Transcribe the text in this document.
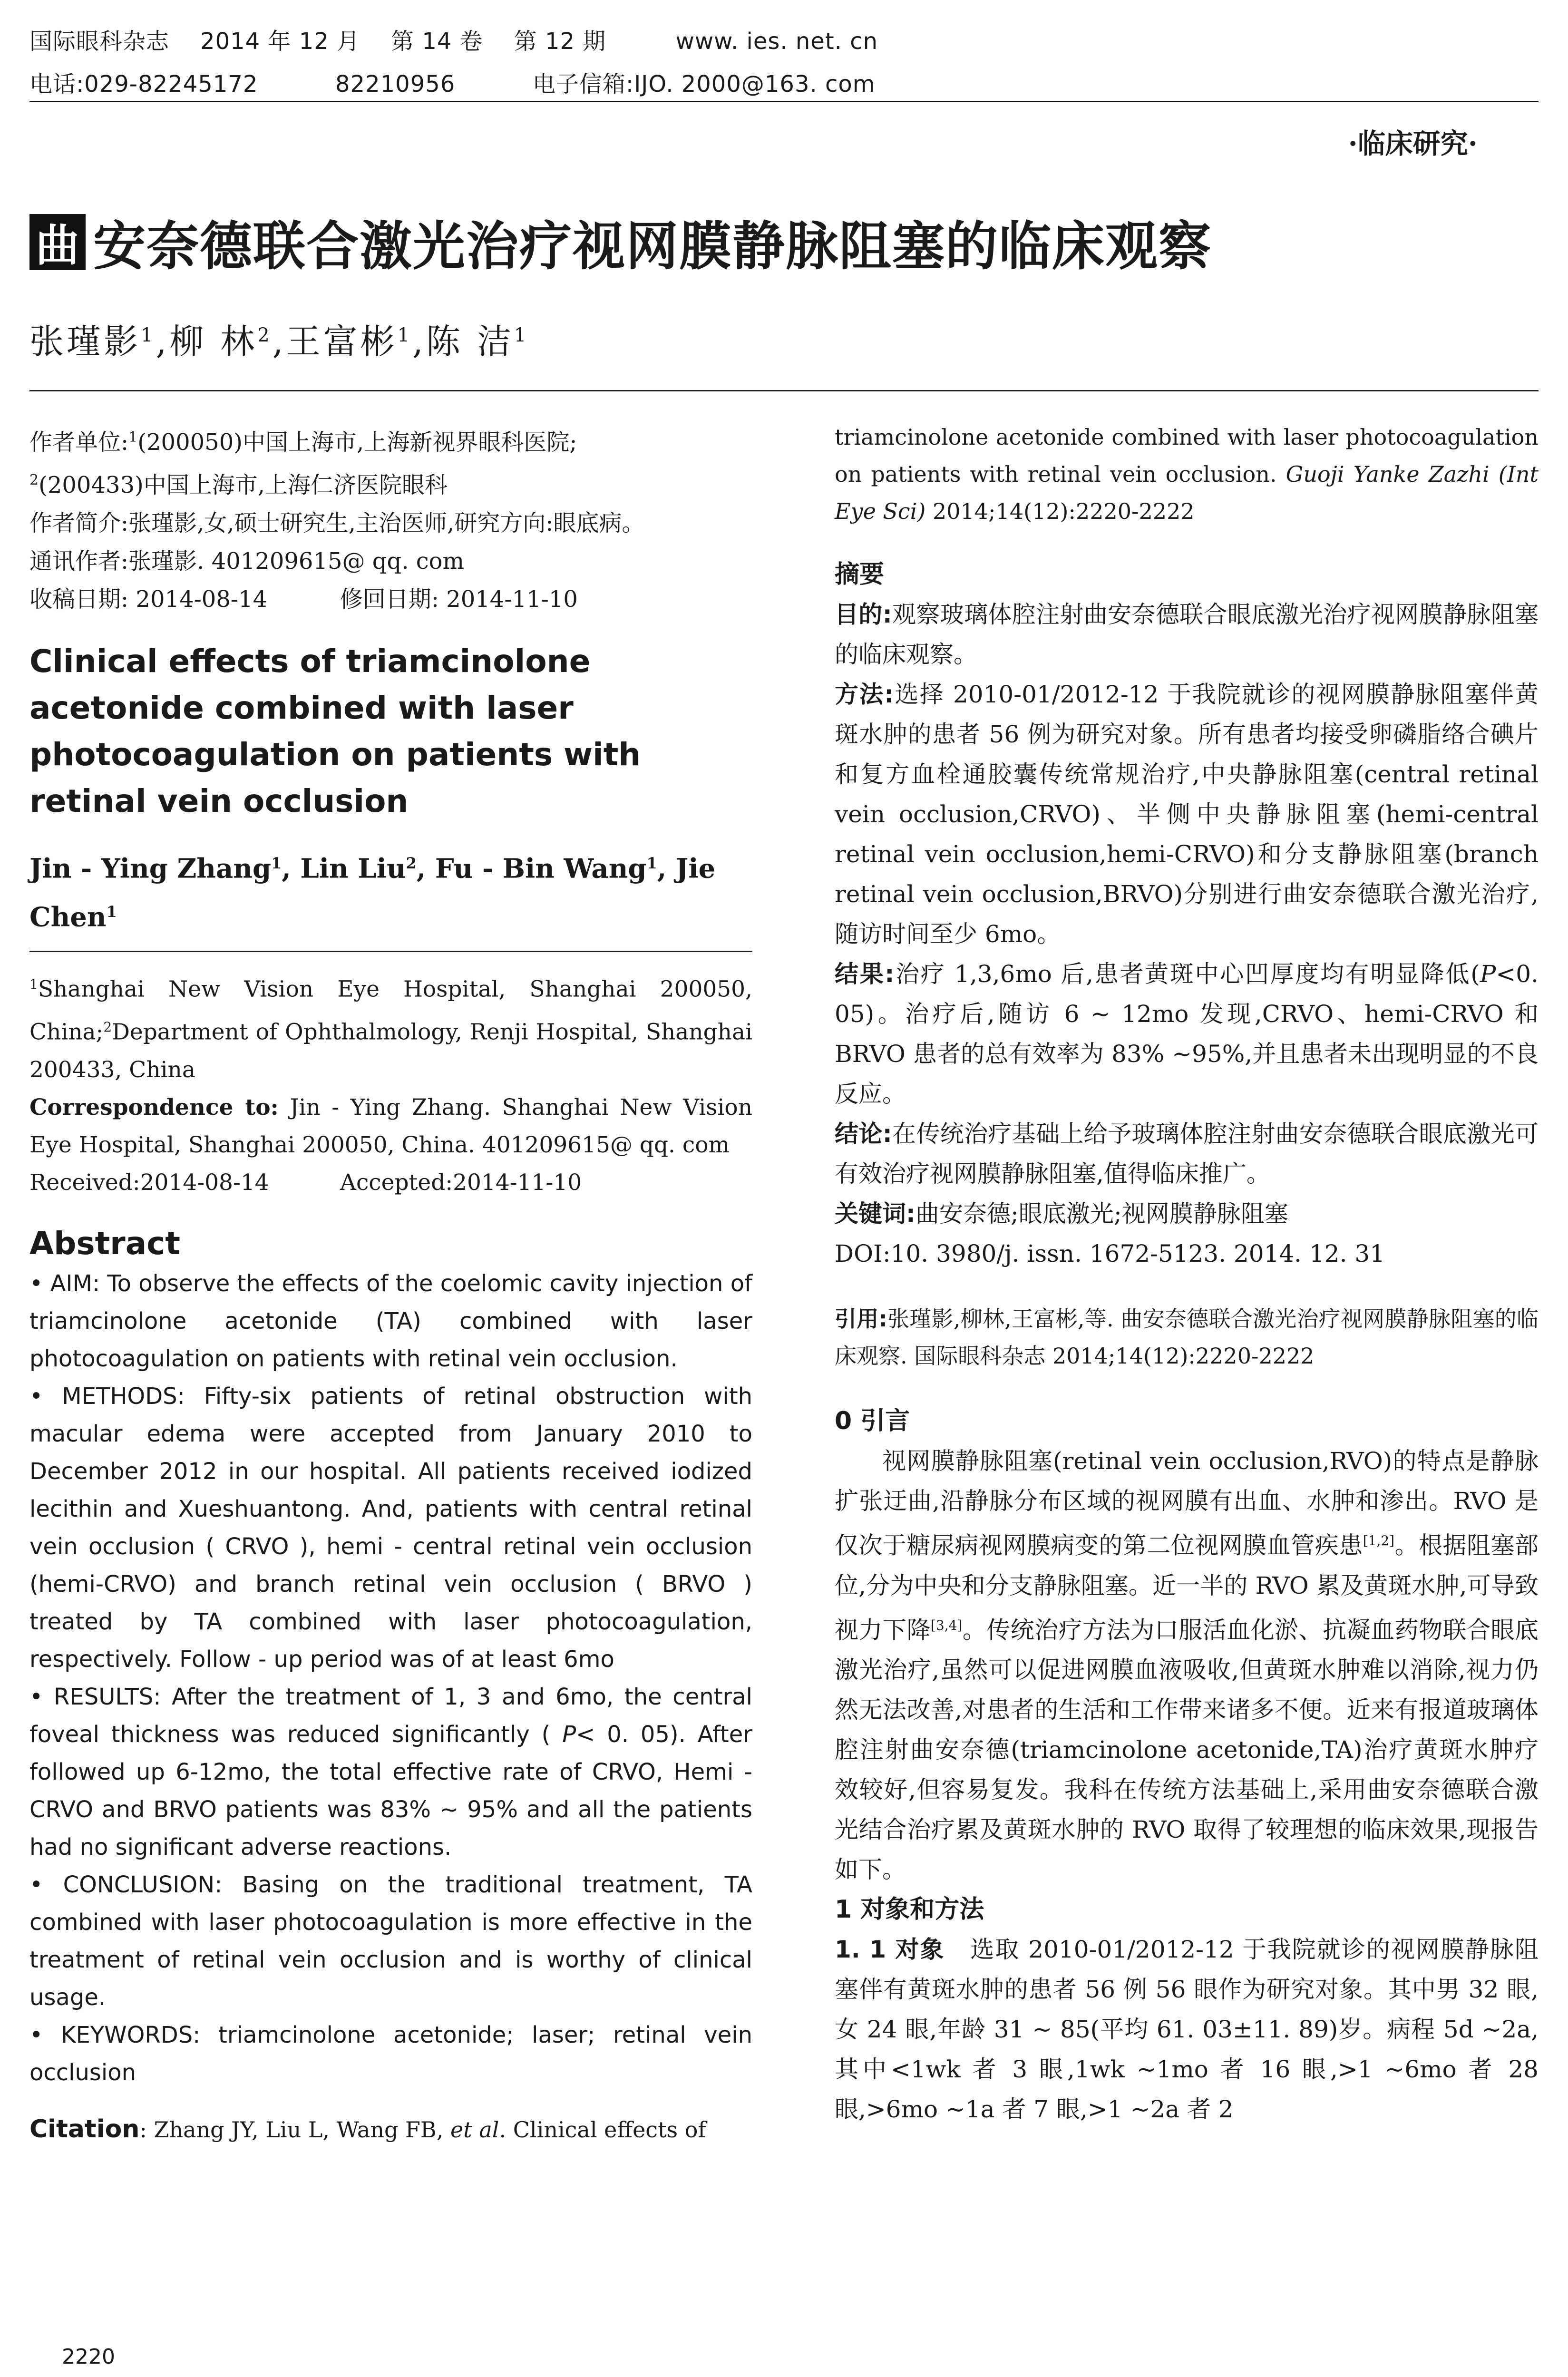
国际眼科杂志    2014 年 12 月    第 14 卷    第 12 期         www. ies. net. cn
电话:029-82245172          82210956          电子信箱:IJO. 2000@163. com
·临床研究·
曲 安奈德联合激光治疗视网膜静脉阻塞的临床观察
张瑾影$^1$,柳 林$^2$,王富彬$^1$,陈 洁$^1$

作者单位:$^1$(200050)中国上海市,上海新视界眼科医院;

$^2$(200433)中国上海市,上海仁济医院眼科

作者简介:张瑾影,女,硕士研究生,主治医师,研究方向:眼底病。

通讯作者:张瑾影. 401209615@ qq. com

收稿日期: 2014-08-14          修回日期: 2014-11-10

Clinical effects of triamcinolone acetonide combined with laser photocoagulation on patients with retinal vein occlusion
Jin - Ying Zhang$^1$, Lin Liu$^2$, Fu - Bin Wang$^1$, Jie Chen$^1$

$^1$Shanghai New Vision Eye Hospital, Shanghai 200050, China;$^2$Department of Ophthalmology, Renji Hospital, Shanghai 200433, China

Correspondence to: Jin - Ying Zhang. Shanghai New Vision Eye Hospital, Shanghai 200050, China. 401209615@ qq. com

Received:2014-08-14          Accepted:2014-11-10

Abstract

• AIM: To observe the effects of the coelomic cavity injection of triamcinolone acetonide (TA) combined with laser photocoagulation on patients with retinal vein occlusion.

• METHODS: Fifty-six patients of retinal obstruction with macular edema were accepted from January 2010 to December 2012 in our hospital. All patients received iodized lecithin and Xueshuantong. And, patients with central retinal vein occlusion ( CRVO ), hemi - central retinal vein occlusion (hemi-CRVO) and branch retinal vein occlusion ( BRVO ) treated by TA combined with laser photocoagulation, respectively. Follow - up period was of at least 6mo

• RESULTS: After the treatment of 1, 3 and 6mo, the central foveal thickness was reduced significantly ( P< 0. 05). After followed up 6-12mo, the total effective rate of CRVO, Hemi - CRVO and BRVO patients was 83% ~ 95% and all the patients had no significant adverse reactions.

• CONCLUSION: Basing on the traditional treatment, TA combined with laser photocoagulation is more effective in the treatment of retinal vein occlusion and is worthy of clinical usage.

• KEYWORDS: triamcinolone acetonide; laser; retinal vein occlusion

Citation: Zhang JY, Liu L, Wang FB, et al. Clinical effects of
2220

triamcinolone acetonide combined with laser photocoagulation on patients with retinal vein occlusion. Guoji Yanke Zazhi (Int Eye Sci) 2014;14(12):2220-2222

摘要

目的:观察玻璃体腔注射曲安奈德联合眼底激光治疗视网膜静脉阻塞的临床观察。

方法:选择 2010-01/2012-12 于我院就诊的视网膜静脉阻塞伴黄斑水肿的患者 56 例为研究对象。所有患者均接受卵磷脂络合碘片和复方血栓通胶囊传统常规治疗,中央静脉阻塞(central retinal vein occlusion,CRVO)、半侧中央静脉阻塞(hemi-central retinal vein occlusion,hemi-CRVO)和分支静脉阻塞(branch retinal vein occlusion,BRVO)分别进行曲安奈德联合激光治疗,随访时间至少 6mo。

结果:治疗 1,3,6mo 后,患者黄斑中心凹厚度均有明显降低(P<0. 05)。治疗后,随访 6 ~ 12mo 发现,CRVO、hemi-CRVO 和 BRVO 患者的总有效率为 83% ~95%,并且患者未出现明显的不良反应。

结论:在传统治疗基础上给予玻璃体腔注射曲安奈德联合眼底激光可有效治疗视网膜静脉阻塞,值得临床推广。

关键词:曲安奈德;眼底激光;视网膜静脉阻塞

DOI:10. 3980/j. issn. 1672-5123. 2014. 12. 31

引用:张瑾影,柳林,王富彬,等. 曲安奈德联合激光治疗视网膜静脉阻塞的临床观察. 国际眼科杂志 2014;14(12):2220-2222

0 引言

视网膜静脉阻塞(retinal vein occlusion,RVO)的特点是静脉扩张迂曲,沿静脉分布区域的视网膜有出血、水肿和渗出。RVO 是仅次于糖尿病视网膜病变的第二位视网膜血管疾患[1,2]。根据阻塞部位,分为中央和分支静脉阻塞。近一半的 RVO 累及黄斑水肿,可导致视力下降[3,4]。传统治疗方法为口服活血化淤、抗凝血药物联合眼底激光治疗,虽然可以促进网膜血液吸收,但黄斑水肿难以消除,视力仍然无法改善,对患者的生活和工作带来诸多不便。近来有报道玻璃体腔注射曲安奈德(triamcinolone acetonide,TA)治疗黄斑水肿疗效较好,但容易复发。我科在传统方法基础上,采用曲安奈德联合激光结合治疗累及黄斑水肿的 RVO 取得了较理想的临床效果,现报告如下。

1 对象和方法

1. 1 对象   选取 2010-01/2012-12 于我院就诊的视网膜静脉阻塞伴有黄斑水肿的患者 56 例 56 眼作为研究对象。其中男 32 眼,女 24 眼,年龄 31 ~ 85(平均 61. 03±11. 89)岁。病程 5d ~2a,其中<1wk 者 3 眼,1wk ~1mo 者 16 眼,>1 ~6mo 者 28 眼,>6mo ~1a 者 7 眼,>1 ~2a 者 2
